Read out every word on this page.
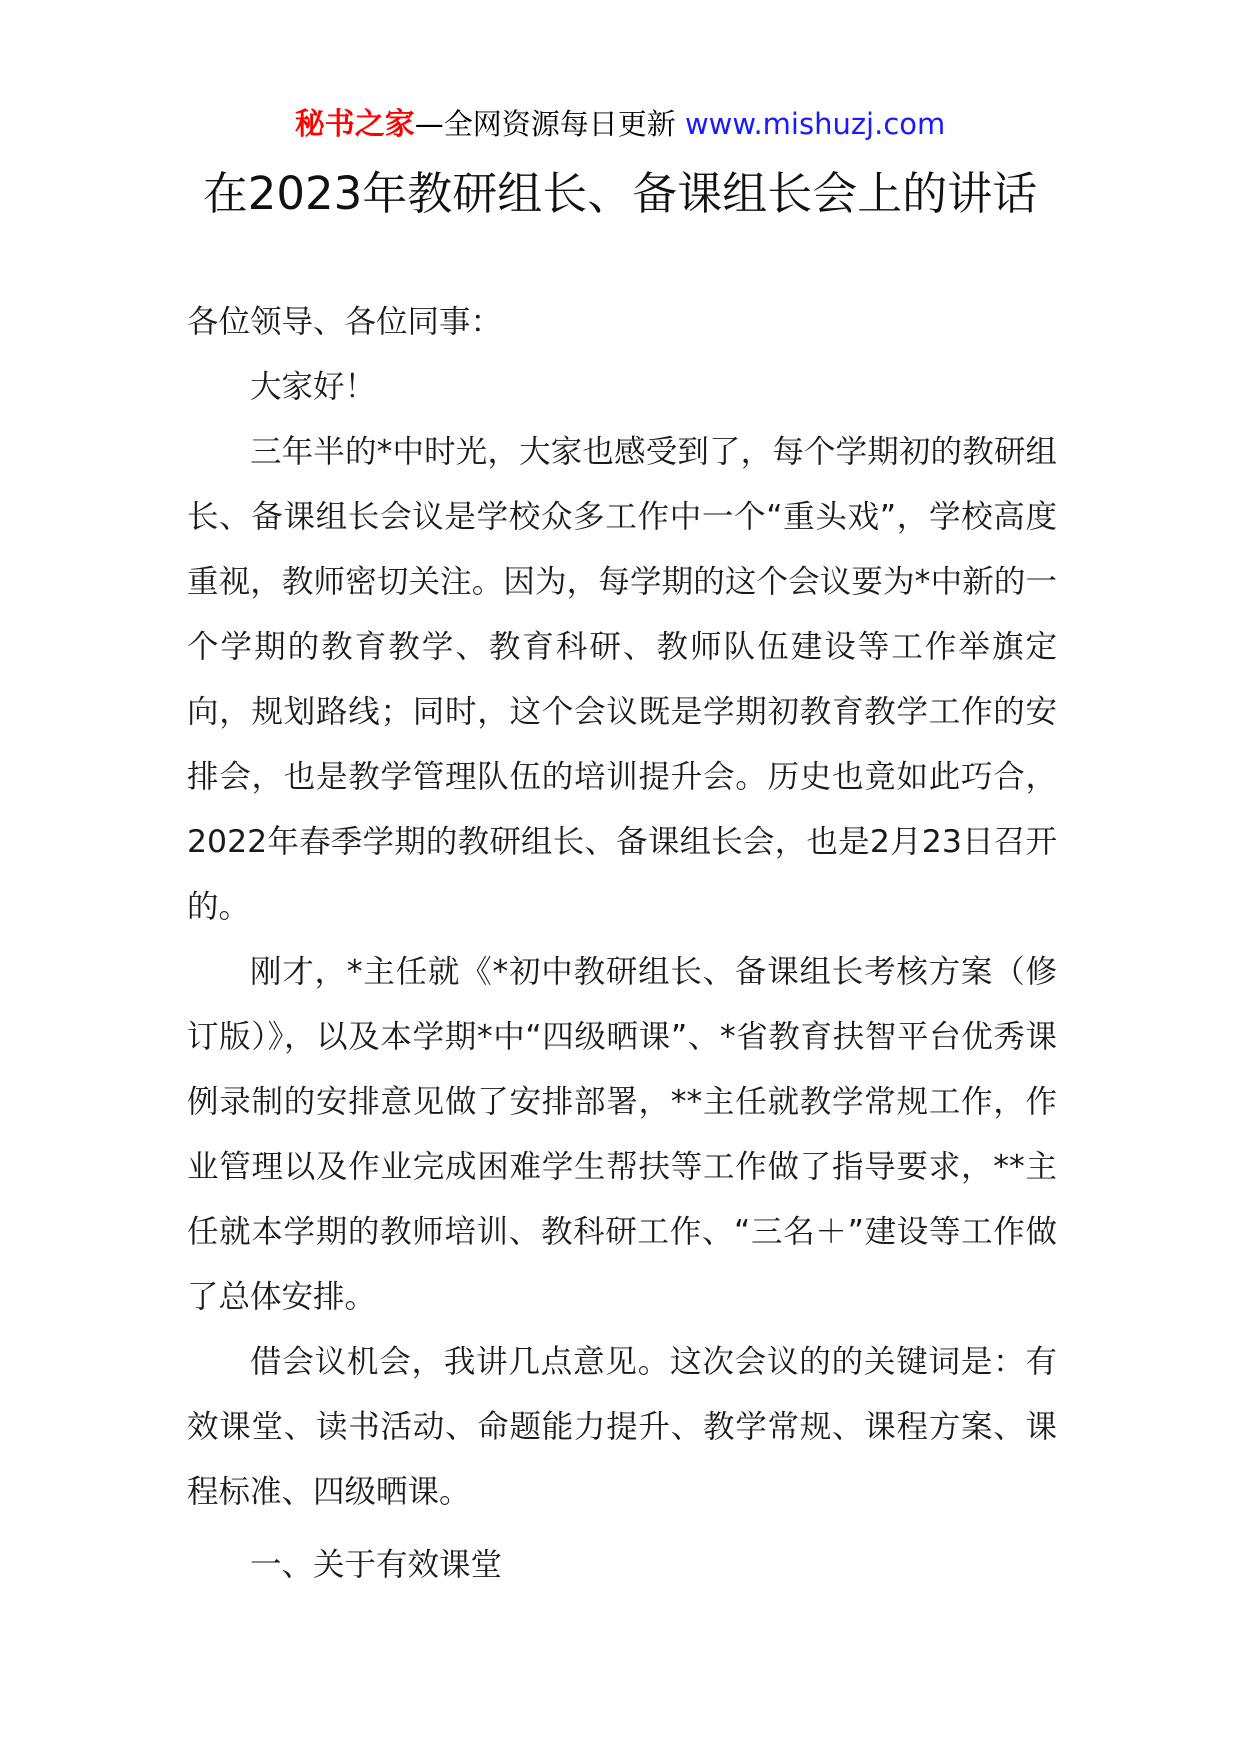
秘书之家—全网资源每日更新 www.mishuzj.com
在2023年教研组长、备课组长会上的讲话

各位领导、各位同事：

大家好！

三年半的*中时光，大家也感受到了，每个学期初的教研组长、备课组长会议是学校众多工作中一个“重头戏”，学校高度重视，教师密切关注。因为，每学期的这个会议要为*中新的一个学期的教育教学、教育科研、教师队伍建设等工作举旗定向，规划路线；同时，这个会议既是学期初教育教学工作的安排会，也是教学管理队伍的培训提升会。历史也竟如此巧合，2022年春季学期的教研组长、备课组长会，也是2月23日召开的。

刚才，*主任就《*初中教研组长、备课组长考核方案（修订版）》，以及本学期*中“四级晒课”、*省教育扶智平台优秀课例录制的安排意见做了安排部署，**主任就教学常规工作，作业管理以及作业完成困难学生帮扶等工作做了指导要求，**主任就本学期的教师培训、教科研工作、“三名＋”建设等工作做了总体安排。

借会议机会，我讲几点意见。这次会议的的关键词是：有效课堂、读书活动、命题能力提升、教学常规、课程方案、课程标准、四级晒课。

一、关于有效课堂
